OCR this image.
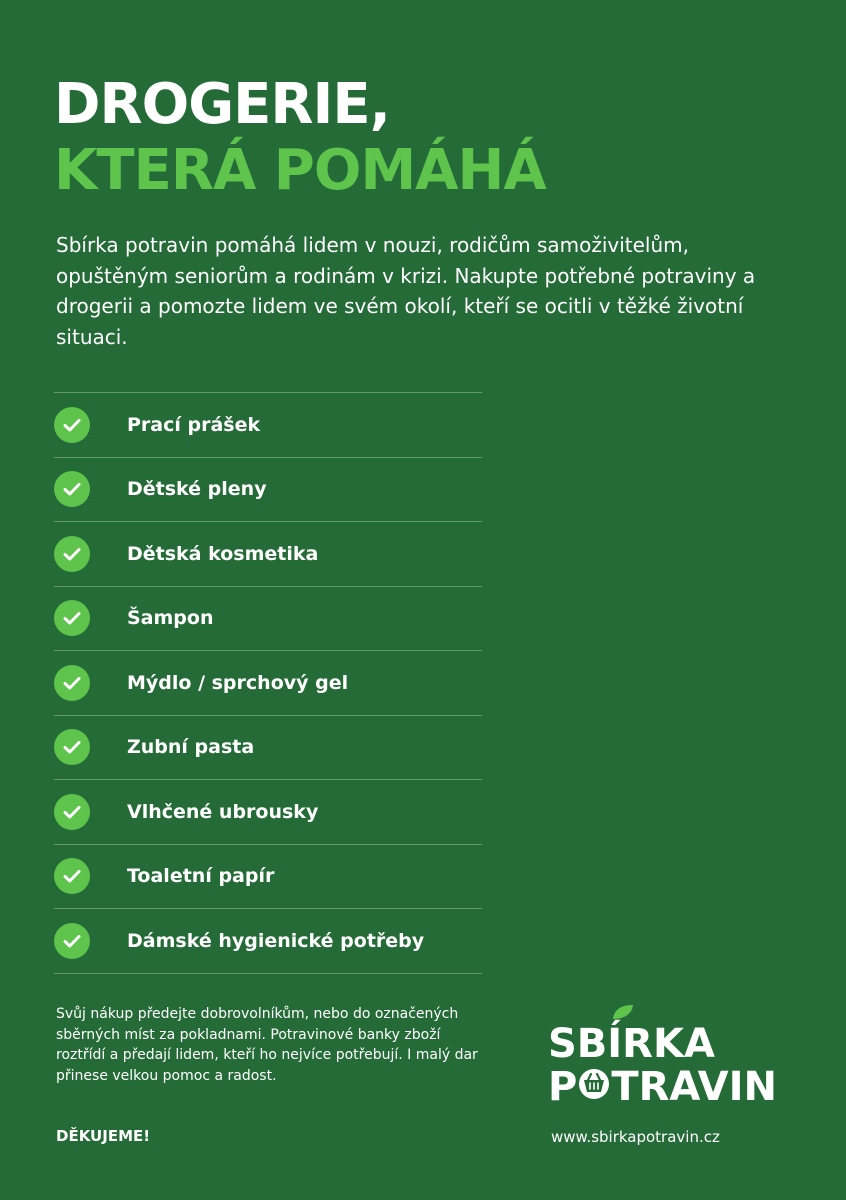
DROGERIE,
KTERÁ POMÁHÁ

Sbírka potravin pomáhá lidem v nouzi, rodičům samoživitelům, opuštěným seniorům a rodinám v krizi. Nakupte potřebné potraviny a drogerii a pomozte lidem ve svém okolí, kteří se ocitli v těžké životní situaci.

Prací prášek
Dětské pleny
Dětská kosmetika
Šampon
Mýdlo / sprchový gel
Zubní pasta
Vlhčené ubrousky
Toaletní papír
Dámské hygienické potřeby

Svůj nákup předejte dobrovolníkům, nebo do označených sběrných míst za pokladnami. Potravinové banky zboží roztřídí a předají lidem, kteří ho nejvíce potřebují. I malý dar přinese velkou pomoc a radost.

DĚKUJEME!

SBÍRKA
P TRAVIN

www.sbirkapotravin.cz
